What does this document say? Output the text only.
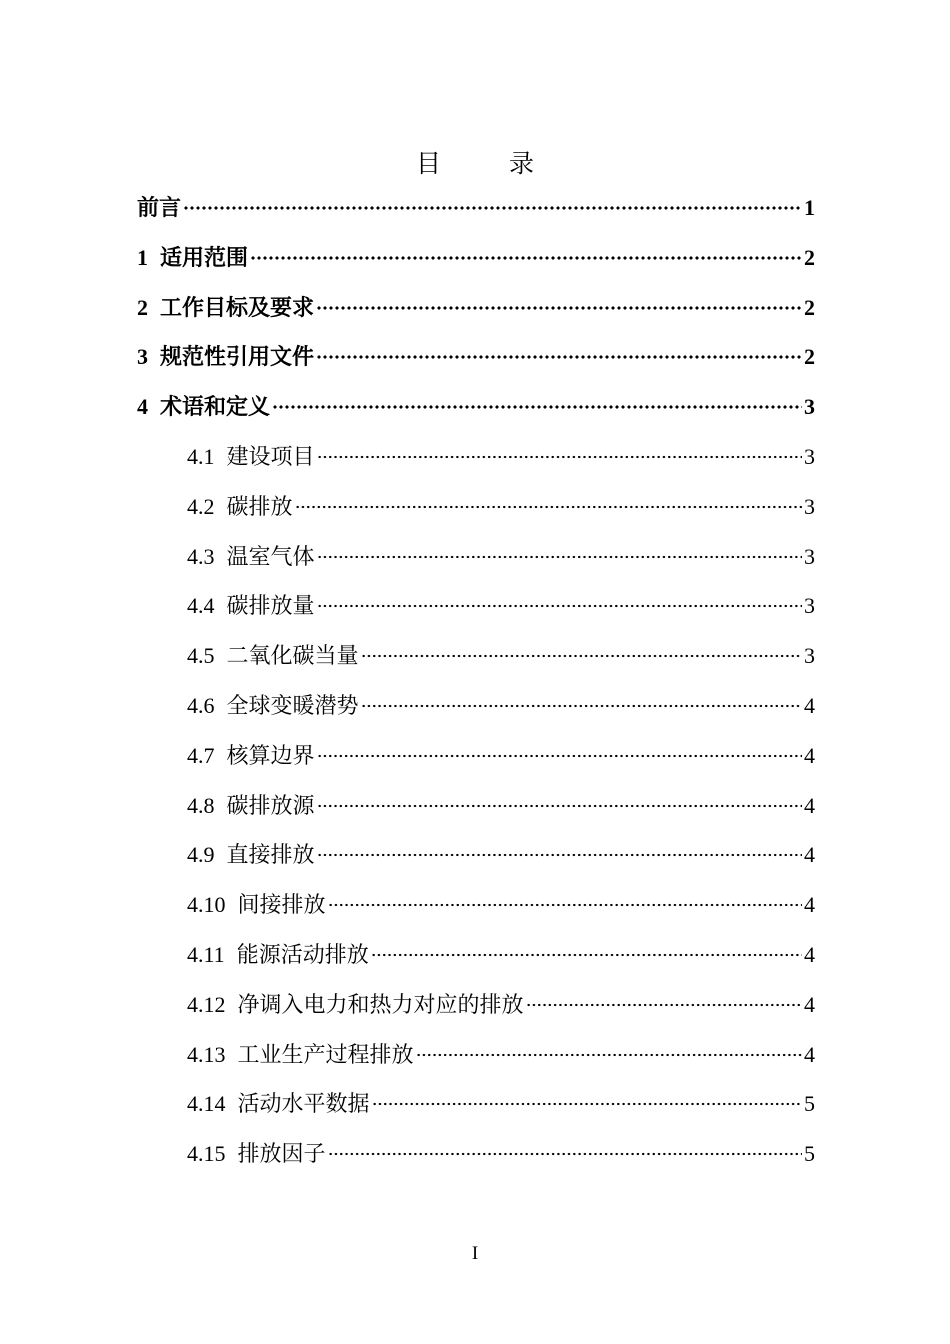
目 录
前言	1
1 适用范围	2
2 工作目标及要求	2
3 规范性引用文件	2
4 术语和定义	3
4.1 建设项目	3
4.2 碳排放	3
4.3 温室气体	3
4.4 碳排放量	3
4.5 二氧化碳当量	3
4.6 全球变暖潜势	4
4.7 核算边界	4
4.8 碳排放源	4
4.9 直接排放	4
4.10 间接排放	4
4.11 能源活动排放	4
4.12 净调入电力和热力对应的排放	4
4.13 工业生产过程排放	4
4.14 活动水平数据	5
4.15 排放因子	5
I
